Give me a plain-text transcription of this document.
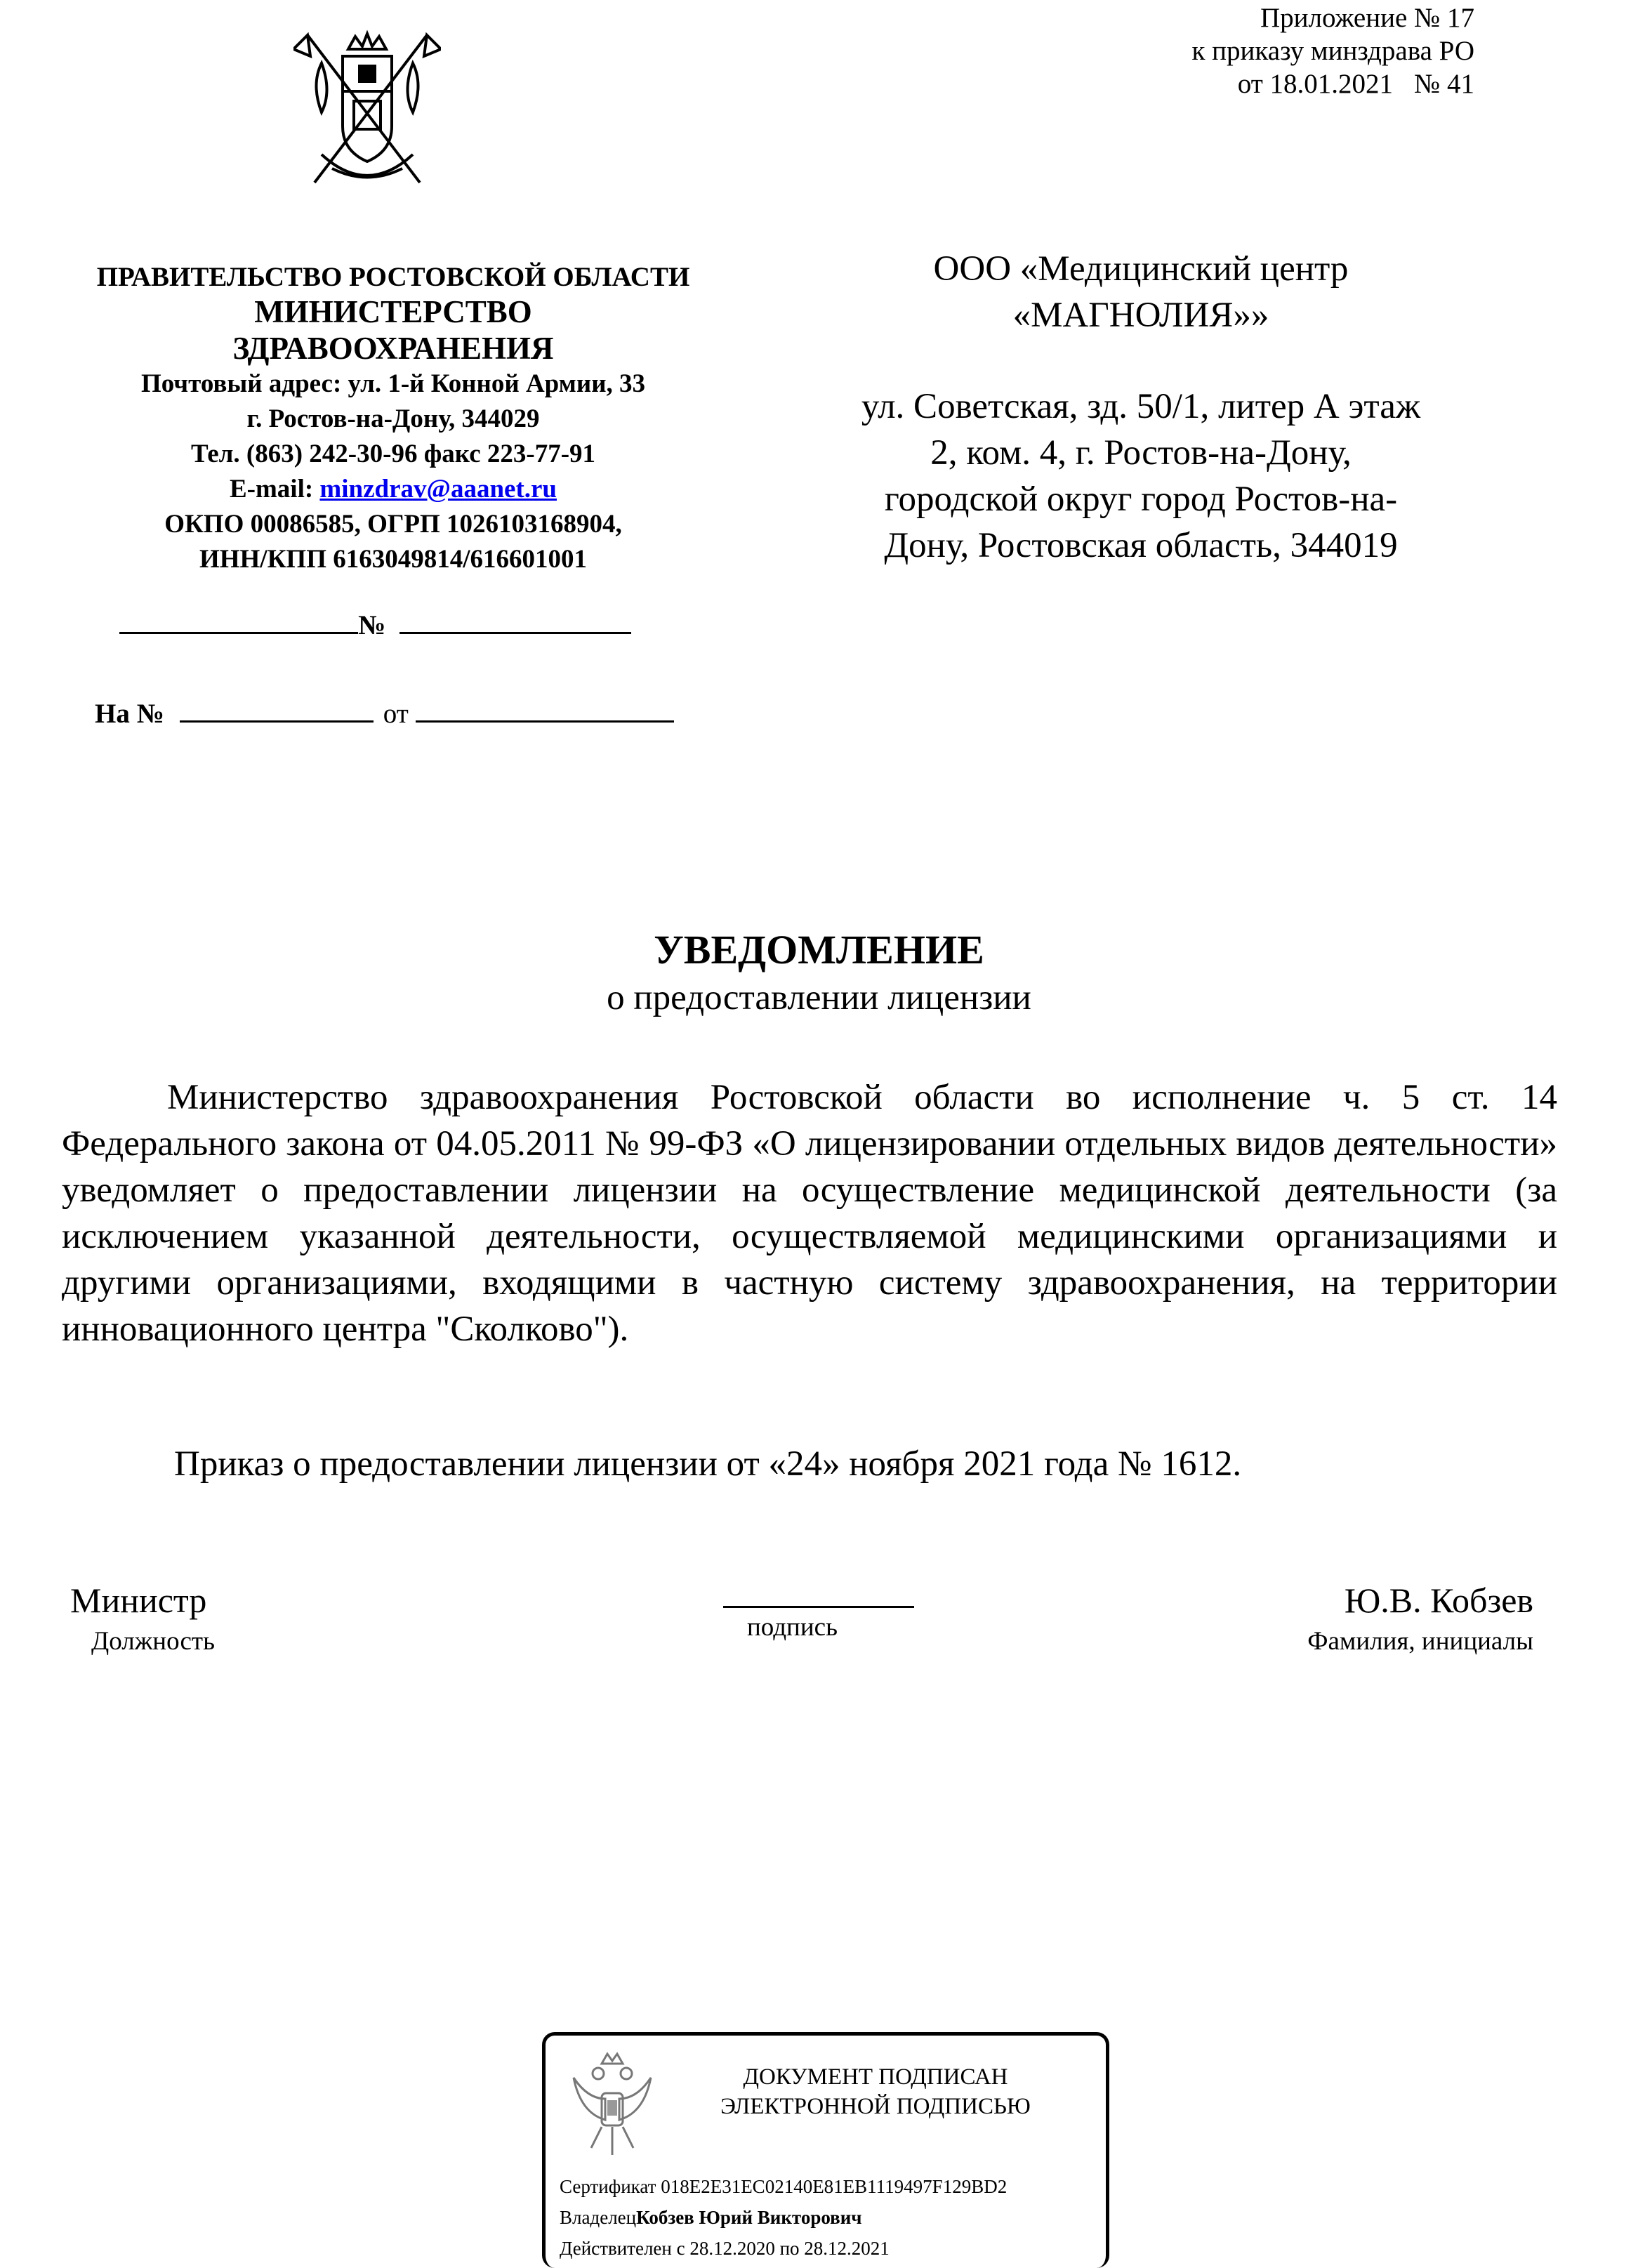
Приложение № 17
к приказу минздрава РО
от 18.01.2021 № 41
ПРАВИТЕЛЬСТВО РОСТОВСКОЙ ОБЛАСТИ
МИНИСТЕРСТВО
ЗДРАВООХРАНЕНИЯ
Почтовый адрес: ул. 1-й Конной Армии, 33
г. Ростов-на-Дону, 344029
Тел. (863) 242-30-96 факс 223-77-91
E-mail: minzdrav@aaanet.ru
ОКПО 00086585, ОГРП 1026103168904,
ИНН/КПП 6163049814/616601001
№
На №	от
ООО «Медицинский центр
«МАГНОЛИЯ»»
ул. Советская, зд. 50/1, литер А этаж
2, ком. 4, г. Ростов-на-Дону,
городской округ город Ростов-на-
Дону, Ростовская область, 344019
УВЕДОМЛЕНИЕ
о предоставлении лицензии

Министерство здравоохранения Ростовской области во исполнение ч. 5 ст. 14 Федерального закона от 04.05.2011 № 99-ФЗ «О лицензировании отдельных видов деятельности» уведомляет о предоставлении лицензии на осуществление медицинской деятельности (за исключением указанной деятельности, осуществляемой медицинскими организациями и другими организациями, входящими в частную систему здравоохранения, на территории инновационного центра "Сколково").

Приказ о предоставлении лицензии от «24» ноября 2021 года № 1612.

Министр
Должность	подпись
Ю.В. Кобзев
Фамилия, инициалы
ДОКУМЕНТ ПОДПИСАН
ЭЛЕКТРОННОЙ ПОДПИСЬЮ
Сертификат 018E2E31EC02140E81EB1119497F129BD2
ВладелецКобзев Юрий Викторович
Действителен с 28.12.2020 по 28.12.2021
